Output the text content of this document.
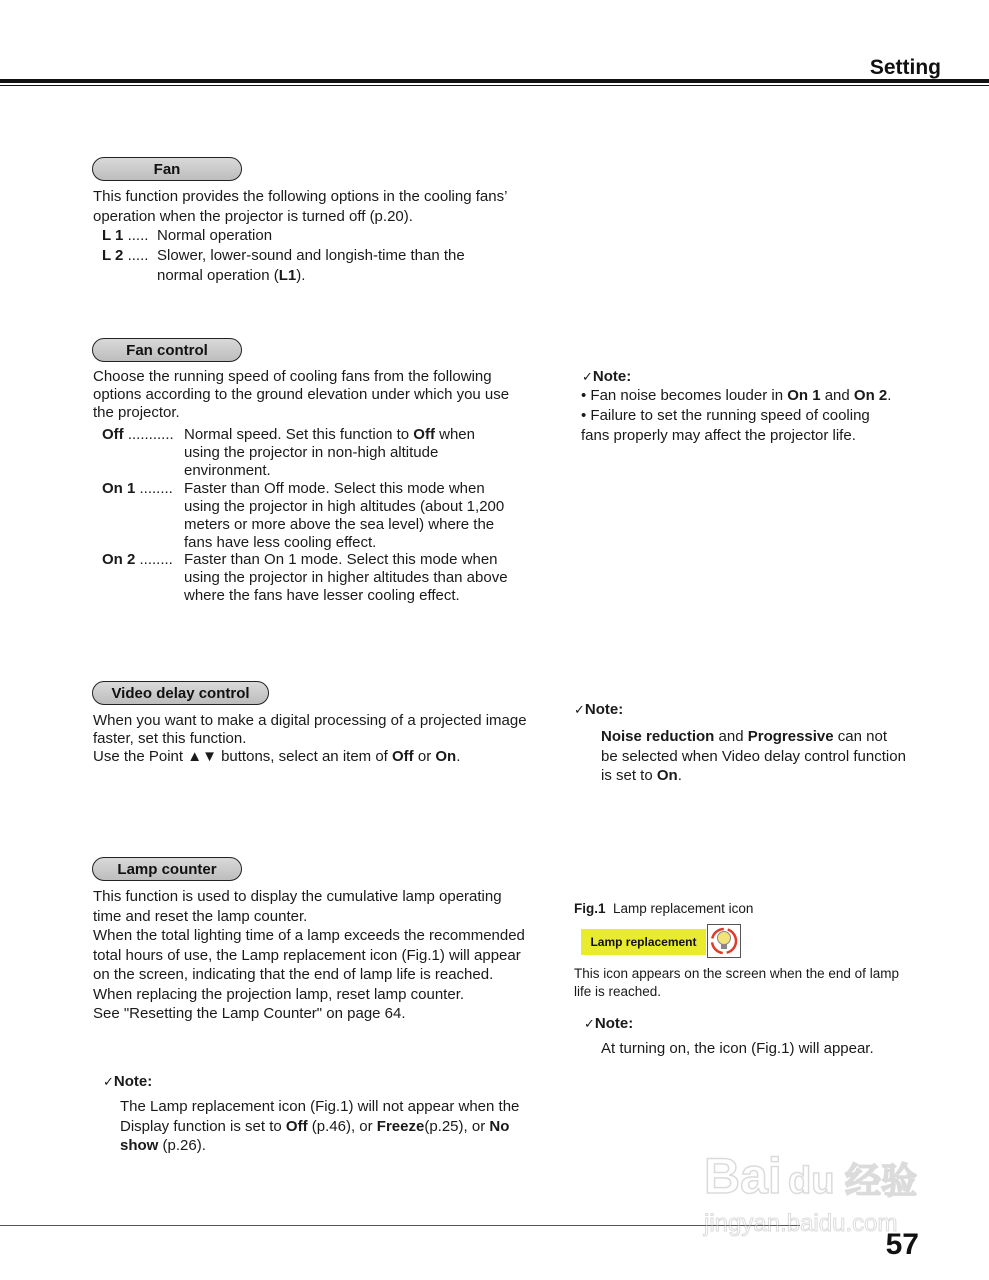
Setting
Fan

This function provides the following options in the cooling fans’ operation when the projector is turned off (p.20).

L 1 ..... Normal operation
L 2 ..... Slower, lower-sound and longish-time than the normal operation (L1).
Fan control

Choose the running speed of cooling fans from the following options according to the ground elevation under which you use the projector.

Off ........... Normal speed. Set this function to Off when using the projector in non-high altitude environment.
On 1 ........ Faster than Off mode. Select this mode when using the projector in high altitudes (about 1,200 meters or more above the sea level) where the fans have less cooling effect.
On 2 ........ Faster than On 1 mode. Select this mode when using the projector in higher altitudes than above where the fans have lesser cooling effect.
✓Note:

• Fan noise becomes louder in On 1 and On 2.

• Failure to set the running speed of cooling fans properly may affect the projector life.

Video delay control

When you want to make a digital processing of a projected image faster, set this function.

Use the Point ▲▼ buttons, select an item of Off or On.

✓Note:

Noise reduction and Progressive can not be selected when Video delay control function is set to On.

Lamp counter

This function is used to display the cumulative lamp operating time and reset the lamp counter.
When the total lighting time of a lamp exceeds the recommended total hours of use, the Lamp replacement icon (Fig.1) will appear on the screen, indicating that the end of lamp life is reached.
When replacing the projection lamp, reset lamp counter.
See "Resetting the Lamp Counter" on page 64.

✓Note:

The Lamp replacement icon (Fig.1) will not appear when the Display function is set to Off (p.46), or Freeze(p.25), or No show (p.26).

Fig.1 Lamp replacement icon
Lamp replacement

This icon appears on the screen when the end of lamp life is reached.

✓Note:

At turning on, the icon (Fig.1) will appear.

57
Bai du 经验
jingyan.baidu.com
